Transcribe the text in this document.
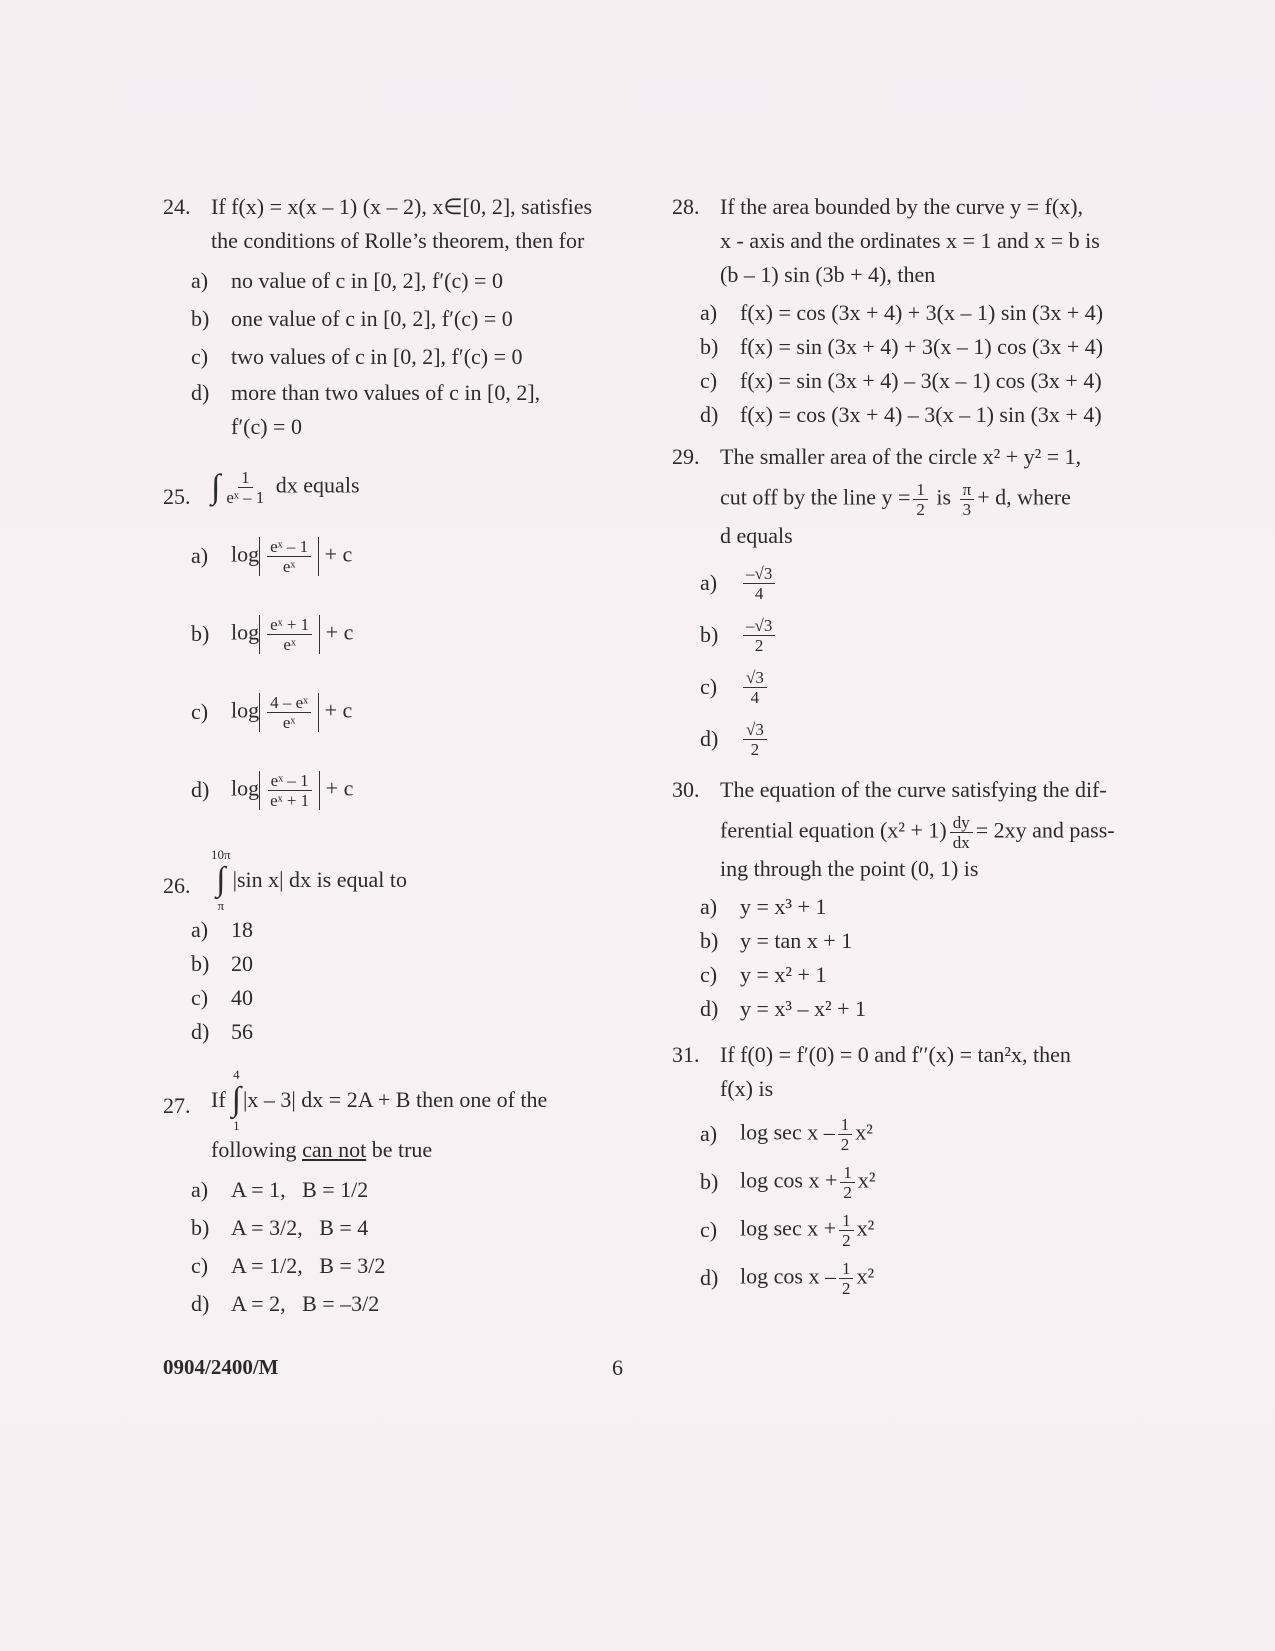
24. If f(x) = x(x – 1) (x – 2), x∈[0, 2], satisfies
the conditions of Rolle’s theorem, then for
a)	no value of c in [0, 2], f′(c) = 0
b) one value of c in [0, 2], f′(c) = 0
c)	two values of c in [0, 2], f′(c) = 0
d) more than two values of c in [0, 2],
f′(c) = 0
25. ∫ $\frac{1}{\text{eˣ – 1}}$ dx equals
a)	$\log \frac{\text{eˣ – 1}}{\text{eˣ}} + c$
b) $\log \frac{\text{eˣ + 1}}{\text{eˣ}} + c$
c)	$\log \frac{\text{4 – eˣ}}{\text{eˣ}} + c$
d) $\log \frac{\text{eˣ – 1}}{\text{eˣ + 1}} + c$
26.
10π
∫
π
|sin x| dx
is equal to
a)	18
b) 20
c)	40
d) 56
27. If
4
∫
1
|x – 3| dx = 2A + B
then one of the
following can not be true
a)	A = 1,   B = 1/2
b) A = 3/2,   B = 4
c)	A = 1/2,   B = 3/2
d) A = 2,   B = –3/2
28. If the area bounded by the curve y = f(x),
x - axis and the ordinates x = 1 and x = b is
(b – 1) sin (3b + 4), then
a)	f(x) = cos (3x + 4) + 3(x – 1) sin (3x + 4)
b) f(x) = sin (3x + 4) + 3(x – 1) cos (3x + 4)
c)	f(x) = sin (3x + 4) – 3(x – 1) cos (3x + 4)
d) f(x) = cos (3x + 4) – 3(x – 1) sin (3x + 4)
29. The smaller area of the circle x² + y² = 1,
cut off by the line $y = \frac{1}{2}$ is $\frac{\pi}{3} + d$, where
d equals
a)	$\frac{-√3}{4}$
b)	$\frac{-√3}{2}$
c)	$\frac{√3}{4}$
d)	$\frac{√3}{2}$
30. The equation of the curve satisfying the dif-
ferential equation $(x^2 + 1) \frac{dy}{dx} = 2xy$ and pass-
ing through the point (0, 1) is
a)	y = x³ + 1
b) y = tan x + 1
c)	y = x² + 1
d) y = x³ – x² + 1
31. If f(0) = f′(0) = 0 and f′′(x) = tan²x, then
f(x) is
a)	log sec x – $\frac{1}{2} x^2$
b) $\log \cos x + \frac{1}{2} x^2$
c)	$\log \sec x + \frac{1}{2} x^2$
d) log cos x – $\frac{1}{2} x^2$
0904/2400/M	6
